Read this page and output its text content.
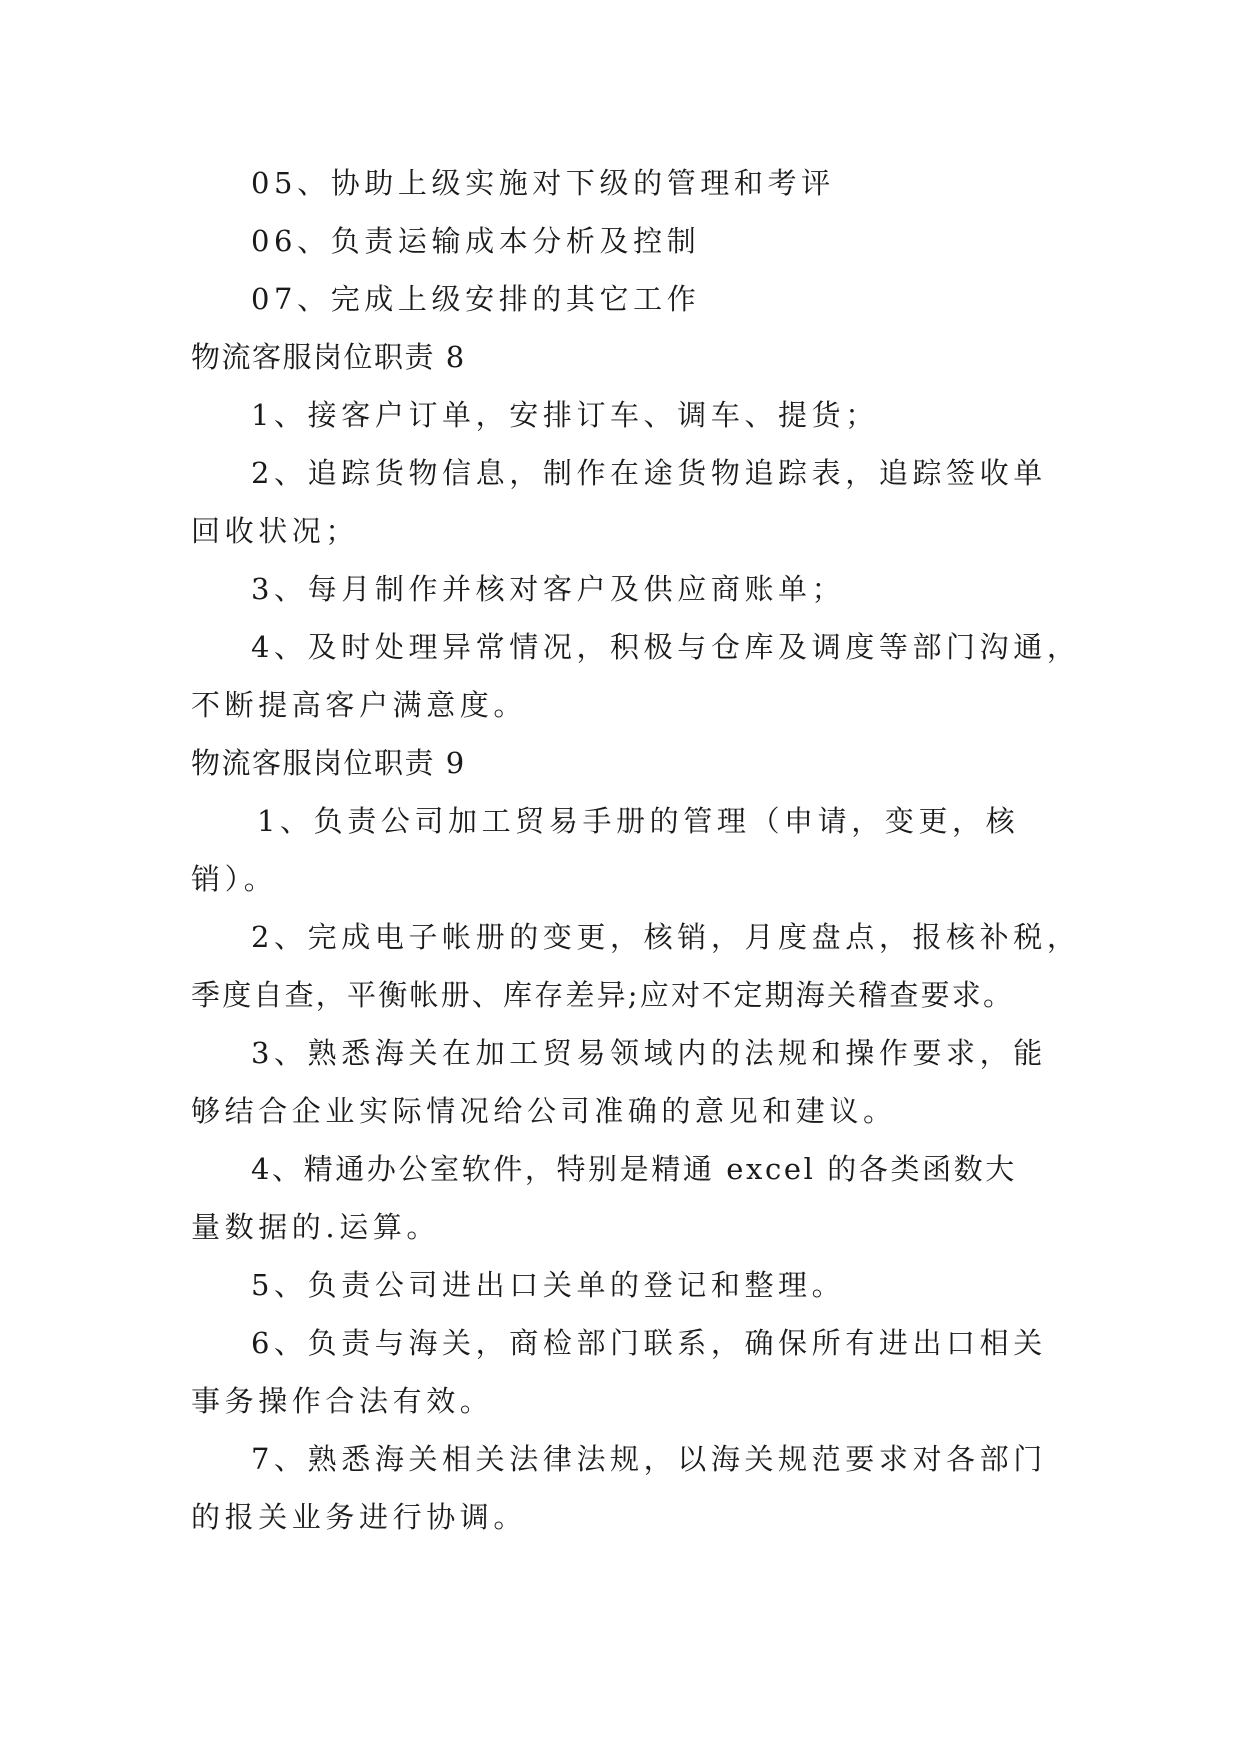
05、协助上级实施对下级的管理和考评
06、负责运输成本分析及控制
07、完成上级安排的其它工作
物流客服岗位职责 8
1、接客户订单，安排订车、调车、提货；
2、追踪货物信息，制作在途货物追踪表，追踪签收单
回收状况；
3、每月制作并核对客户及供应商账单；
4、及时处理异常情况，积极与仓库及调度等部门沟通，
不断提高客户满意度。
物流客服岗位职责 9
1、负责公司加工贸易手册的管理（申请，变更，核
销）。
2、完成电子帐册的变更，核销，月度盘点，报核补税，
季度自查，平衡帐册、库存差异;应对不定期海关稽查要求。
3、熟悉海关在加工贸易领域内的法规和操作要求，能
够结合企业实际情况给公司准确的意见和建议。
4、精通办公室软件，特别是精通 excel 的各类函数大
量数据的.运算。
5、负责公司进出口关单的登记和整理。
6、负责与海关，商检部门联系，确保所有进出口相关
事务操作合法有效。
7、熟悉海关相关法律法规，以海关规范要求对各部门
的报关业务进行协调。
